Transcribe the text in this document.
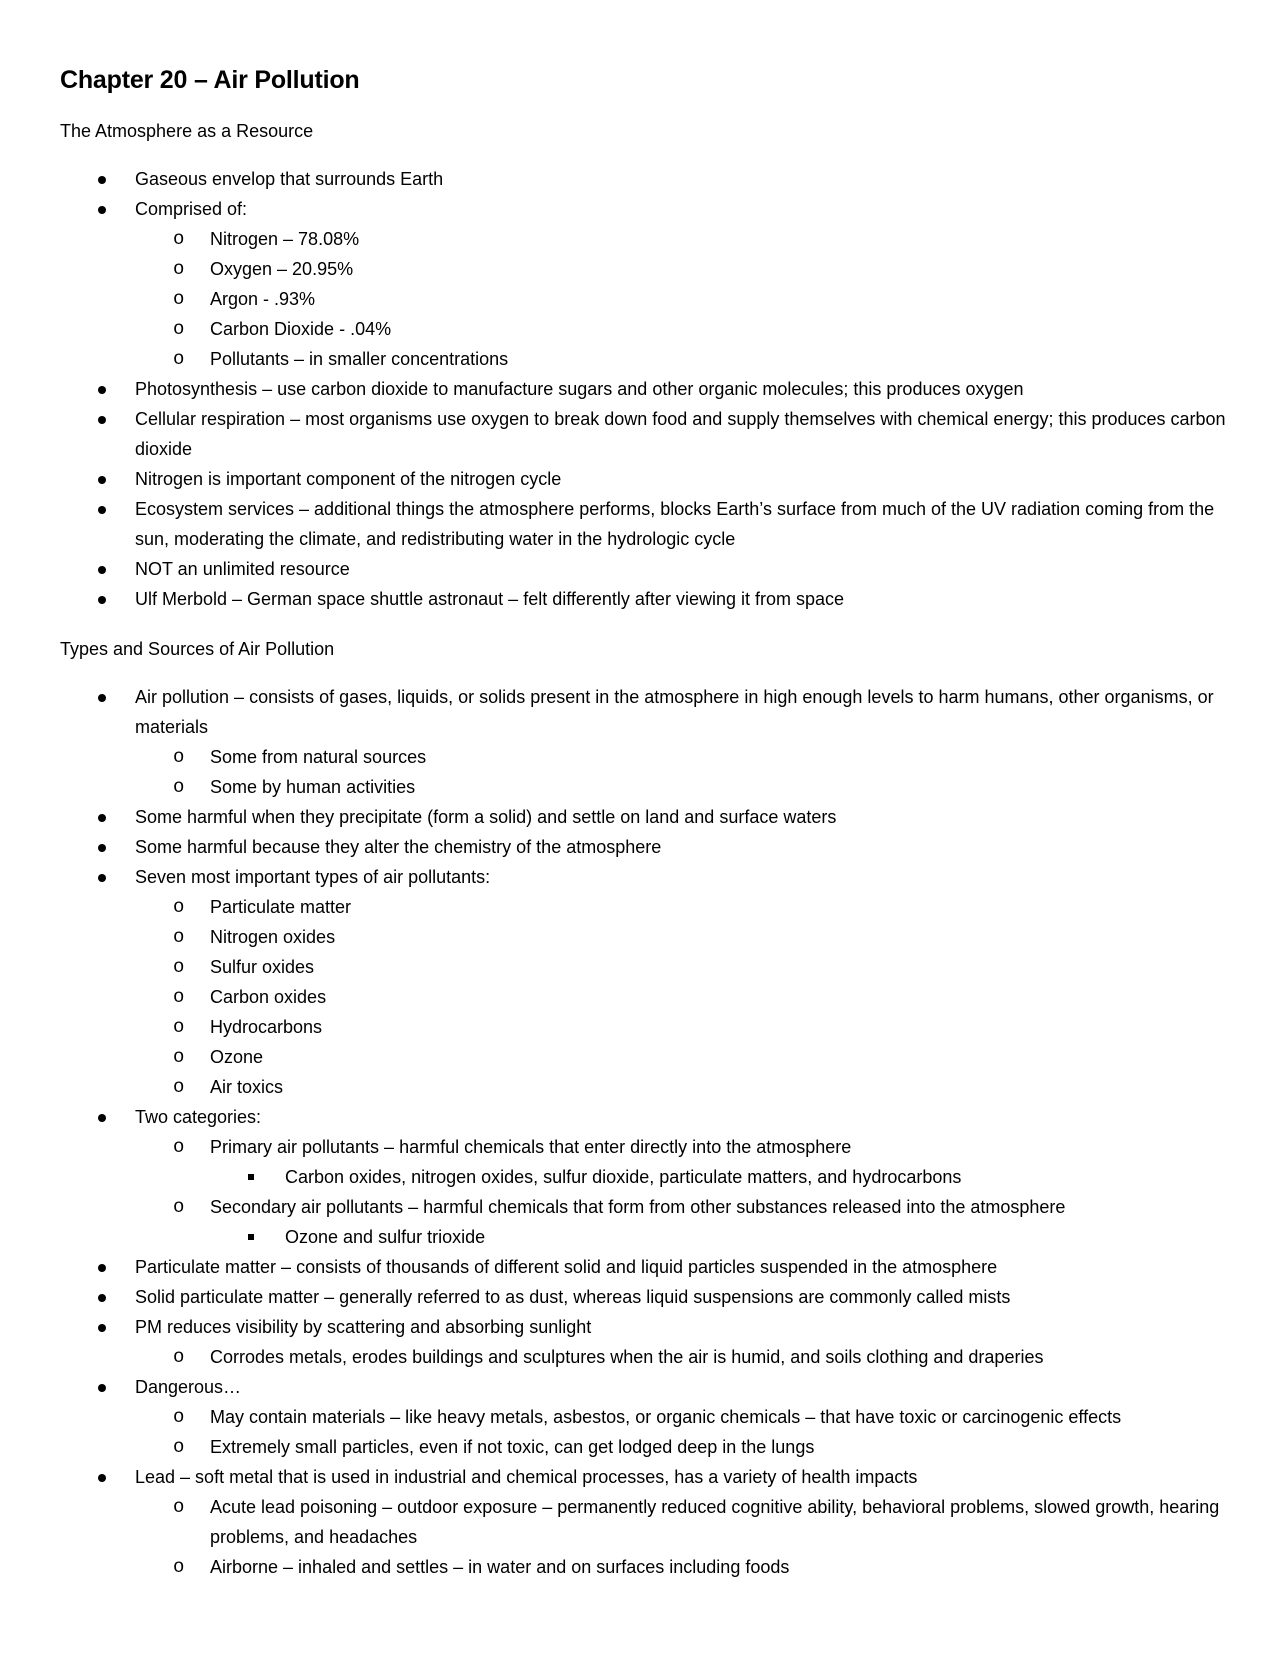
Chapter 20 – Air Pollution
The Atmosphere as a Resource
Gaseous envelop that surrounds Earth
Comprised of:
o Nitrogen – 78.08%
o Oxygen – 20.95%
o Argon - .93%
o Carbon Dioxide - .04%
o Pollutants – in smaller concentrations
Photosynthesis – use carbon dioxide to manufacture sugars and other organic molecules; this produces oxygen
Cellular respiration – most organisms use oxygen to break down food and supply themselves with chemical energy; this produces carbon dioxide
Nitrogen is important component of the nitrogen cycle
Ecosystem services – additional things the atmosphere performs, blocks Earth’s surface from much of the UV radiation coming from the sun, moderating the climate, and redistributing water in the hydrologic cycle
NOT an unlimited resource
Ulf Merbold – German space shuttle astronaut – felt differently after viewing it from space
Types and Sources of Air Pollution
Air pollution – consists of gases, liquids, or solids present in the atmosphere in high enough levels to harm humans, other organisms, or materials
o Some from natural sources
o Some by human activities
Some harmful when they precipitate (form a solid) and settle on land and surface waters
Some harmful because they alter the chemistry of the atmosphere
Seven most important types of air pollutants:
o Particulate matter
o Nitrogen oxides
o Sulfur oxides
o Carbon oxides
o Hydrocarbons
o Ozone
o Air toxics
Two categories:
o Primary air pollutants – harmful chemicals that enter directly into the atmosphere
Carbon oxides, nitrogen oxides, sulfur dioxide, particulate matters, and hydrocarbons
o Secondary air pollutants – harmful chemicals that form from other substances released into the atmosphere
Ozone and sulfur trioxide
Particulate matter – consists of thousands of different solid and liquid particles suspended in the atmosphere
Solid particulate matter – generally referred to as dust, whereas liquid suspensions are commonly called mists
PM reduces visibility by scattering and absorbing sunlight
o Corrodes metals, erodes buildings and sculptures when the air is humid, and soils clothing and draperies
Dangerous…
o May contain materials – like heavy metals, asbestos, or organic chemicals – that have toxic or carcinogenic effects
o Extremely small particles, even if not toxic, can get lodged deep in the lungs
Lead – soft metal that is used in industrial and chemical processes, has a variety of health impacts
o Acute lead poisoning – outdoor exposure – permanently reduced cognitive ability, behavioral problems, slowed growth, hearing problems, and headaches
o Airborne – inhaled and settles – in water and on surfaces including foods
